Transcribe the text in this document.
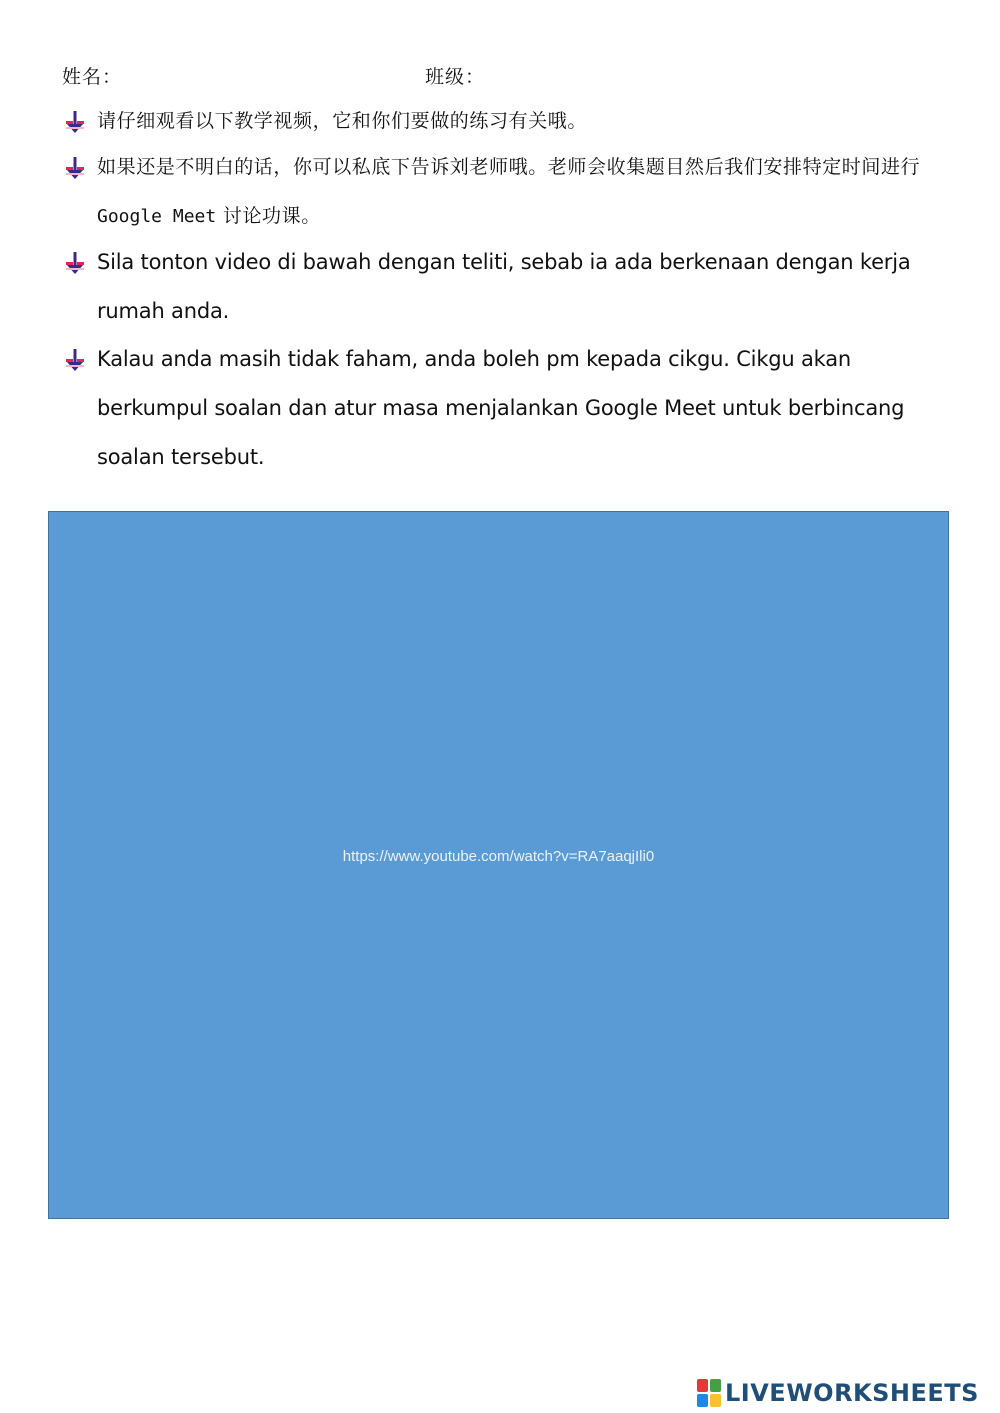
姓名：	班级：
请仔细观看以下教学视频，它和你们要做的练习有关哦。
如果还是不明白的话，你可以私底下告诉刘老师哦。老师会收集题目然后我们安排特定时间进行 Google Meet 讨论功课。
Sila tonton video di bawah dengan teliti, sebab ia ada berkenaan dengan kerja rumah anda.
Kalau anda masih tidak faham, anda boleh pm kepada cikgu. Cikgu akan berkumpul soalan dan atur masa menjalankan Google Meet untuk berbincang soalan tersebut.
https://www.youtube.com/watch?v=RA7aaqjIli0
LIVEWORKSHEETS
